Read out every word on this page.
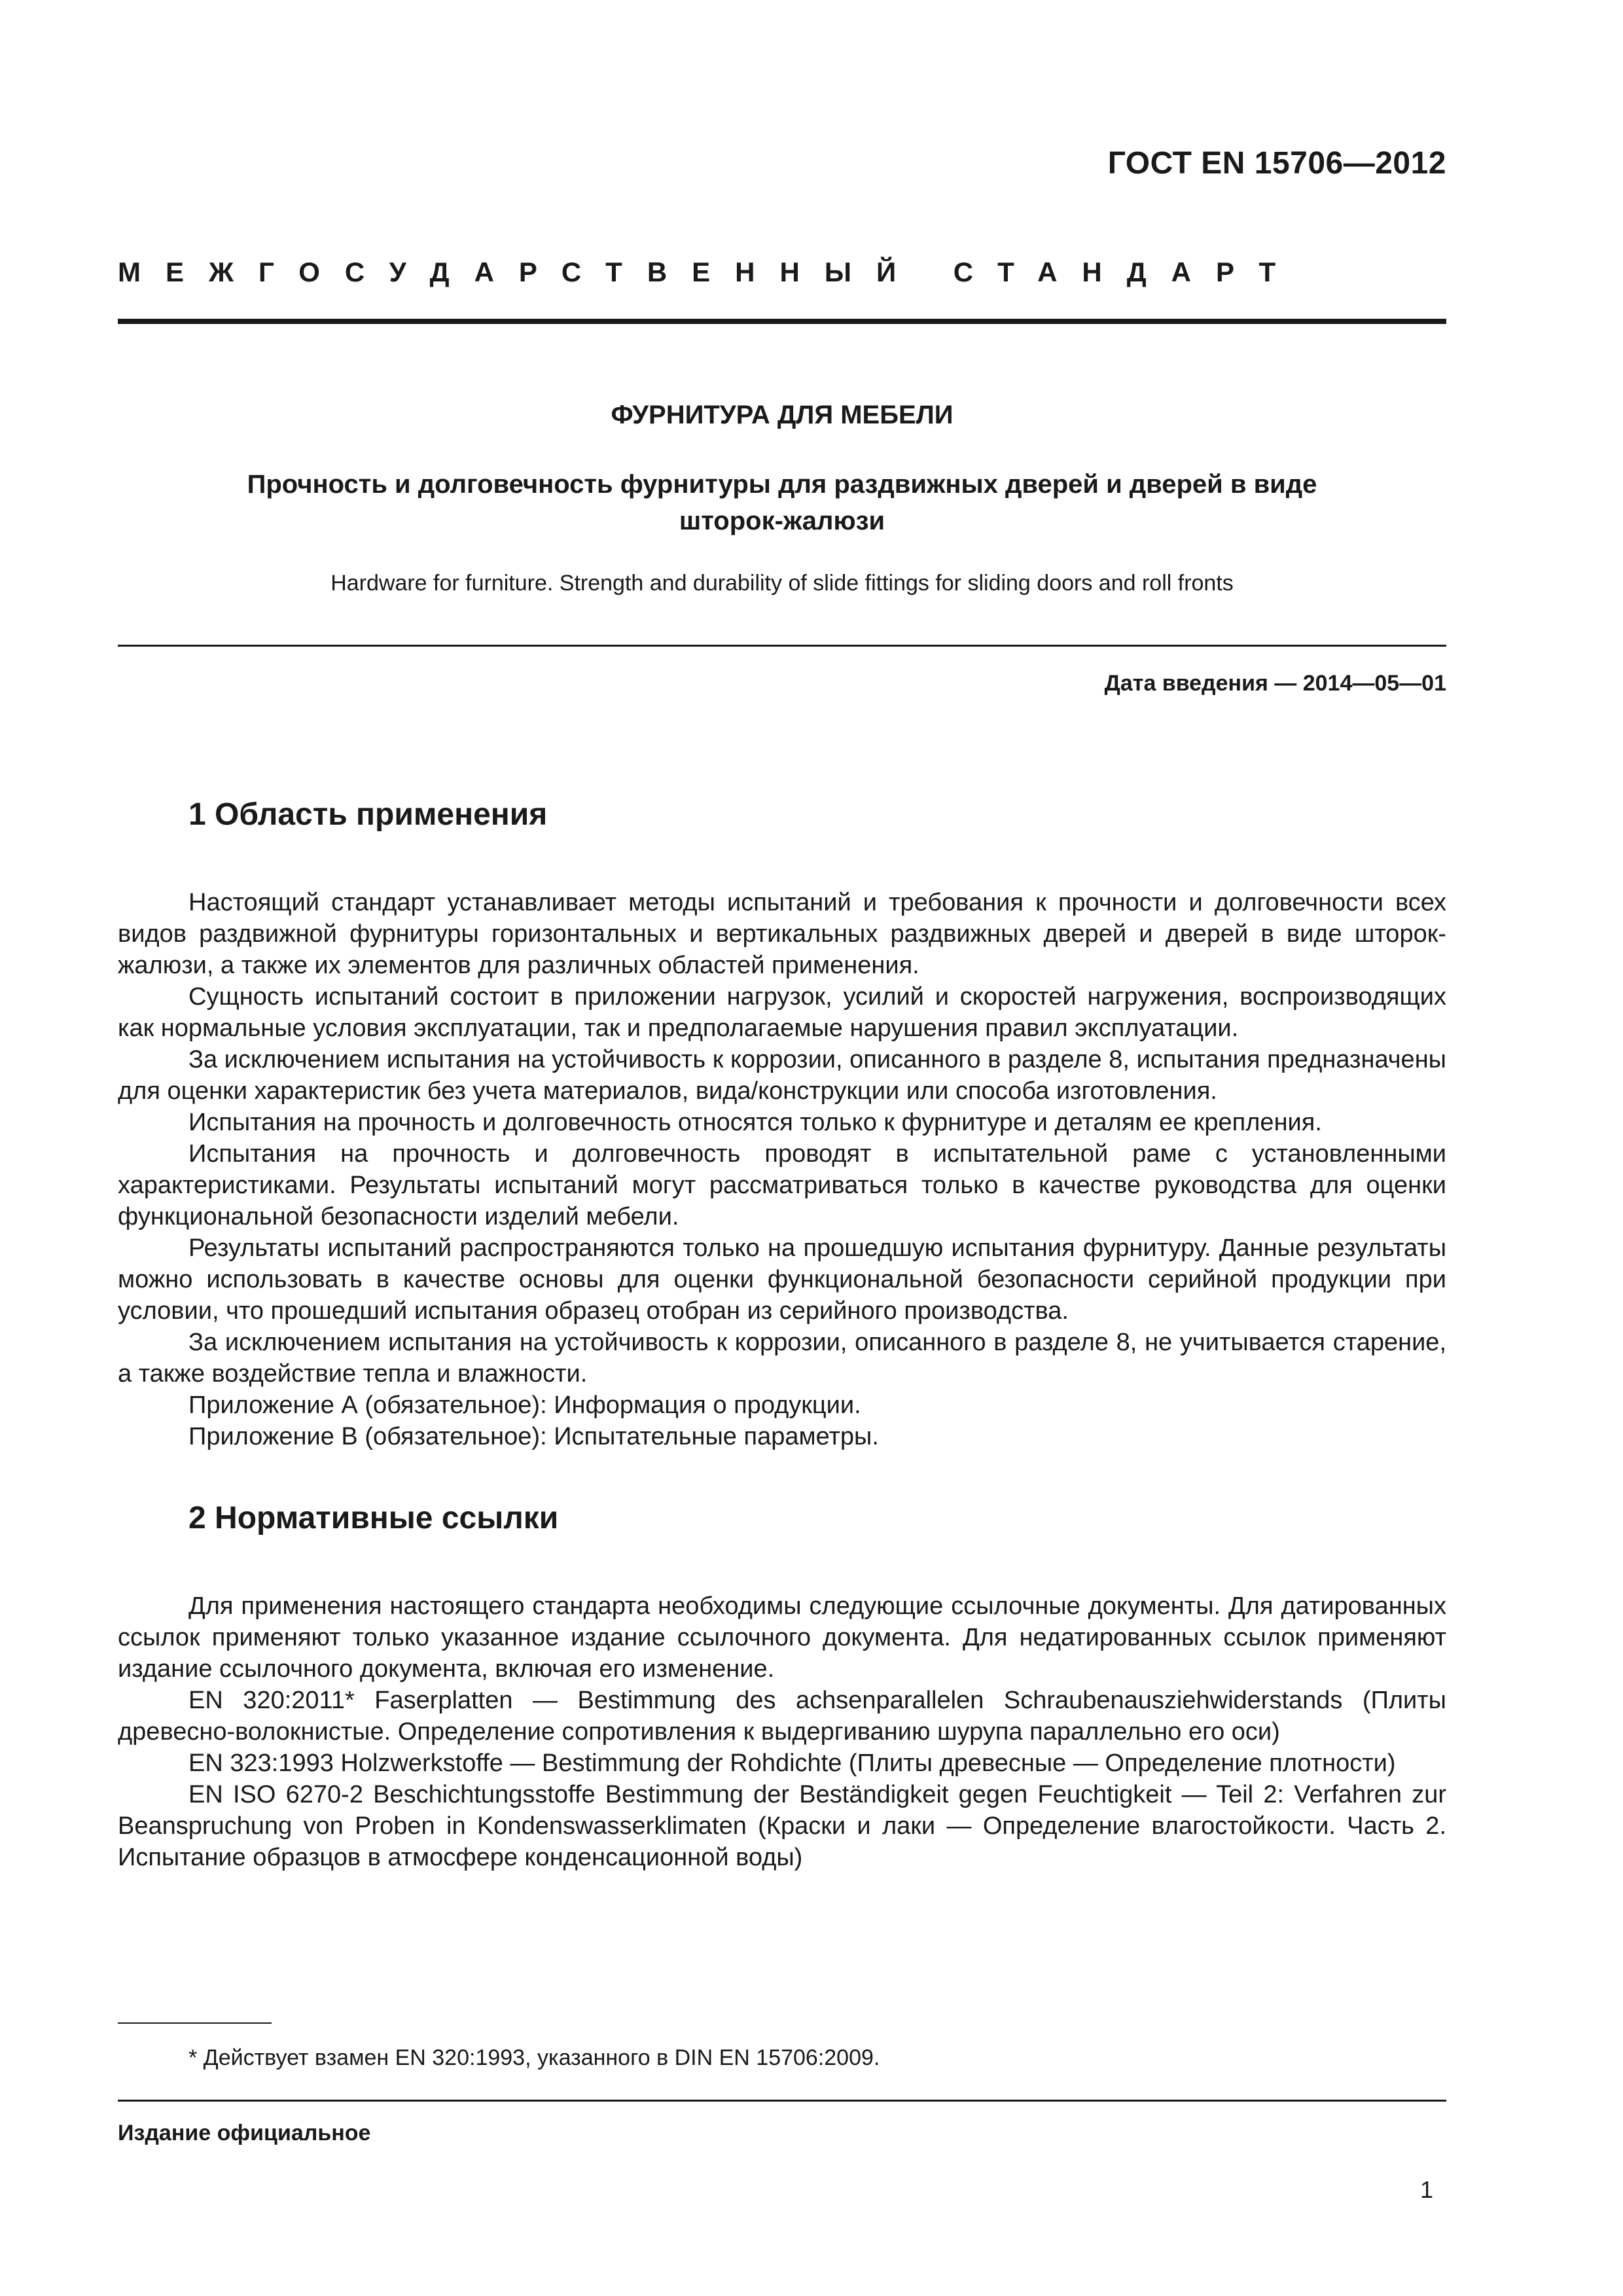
ГОСТ EN 15706—2012
МЕЖГОСУДАРСТВЕННЫЙ СТАНДАРТ
ФУРНИТУРА ДЛЯ МЕБЕЛИ
Прочность и долговечность фурнитуры для раздвижных дверей и дверей в виде шторок-жалюзи
Hardware for furniture. Strength and durability of slide fittings for sliding doors and roll fronts
Дата введения — 2014—05—01
1 Область применения

Настоящий стандарт устанавливает методы испытаний и требования к прочности и долговечности всех видов раздвижной фурнитуры горизонтальных и вертикальных раздвижных дверей и дверей в виде шторок-жалюзи, а также их элементов для различных областей применения.

Сущность испытаний состоит в приложении нагрузок, усилий и скоростей нагружения, воспроизводящих как нормальные условия эксплуатации, так и предполагаемые нарушения правил эксплуатации.

За исключением испытания на устойчивость к коррозии, описанного в разделе 8, испытания предназначены для оценки характеристик без учета материалов, вида/конструкции или способа изготовления.

Испытания на прочность и долговечность относятся только к фурнитуре и деталям ее крепления.

Испытания на прочность и долговечность проводят в испытательной раме с установленными характеристиками. Результаты испытаний могут рассматриваться только в качестве руководства для оценки функциональной безопасности изделий мебели.

Результаты испытаний распространяются только на прошедшую испытания фурнитуру. Данные результаты можно использовать в качестве основы для оценки функциональной безопасности серийной продукции при условии, что прошедший испытания образец отобран из серийного производства.

За исключением испытания на устойчивость к коррозии, описанного в разделе 8, не учитывается старение, а также воздействие тепла и влажности.

Приложение А (обязательное): Информация о продукции.

Приложение В (обязательное): Испытательные параметры.

2 Нормативные ссылки

Для применения настоящего стандарта необходимы следующие ссылочные документы. Для датированных ссылок применяют только указанное издание ссылочного документа. Для недатированных ссылок применяют издание ссылочного документа, включая его изменение.

EN 320:2011* Faserplatten — Bestimmung des achsenparallelen Schraubenausziehwiderstands (Плиты древесно-волокнистые. Определение сопротивления к выдергиванию шурупа параллельно его оси)

EN 323:1993 Holzwerkstoffe — Bestimmung der Rohdichte (Плиты древесные — Определение плотности)

EN ISO 6270-2 Beschichtungsstoffe Bestimmung der Beständigkeit gegen Feuchtigkeit — Teil 2: Verfahren zur Beanspruchung von Proben in Kondenswasserklimaten (Краски и лаки — Определение влагостойкости. Часть 2. Испытание образцов в атмосфере конденсационной воды)

* Действует взамен EN 320:1993, указанного в DIN EN 15706:2009.
Издание официальное
1
